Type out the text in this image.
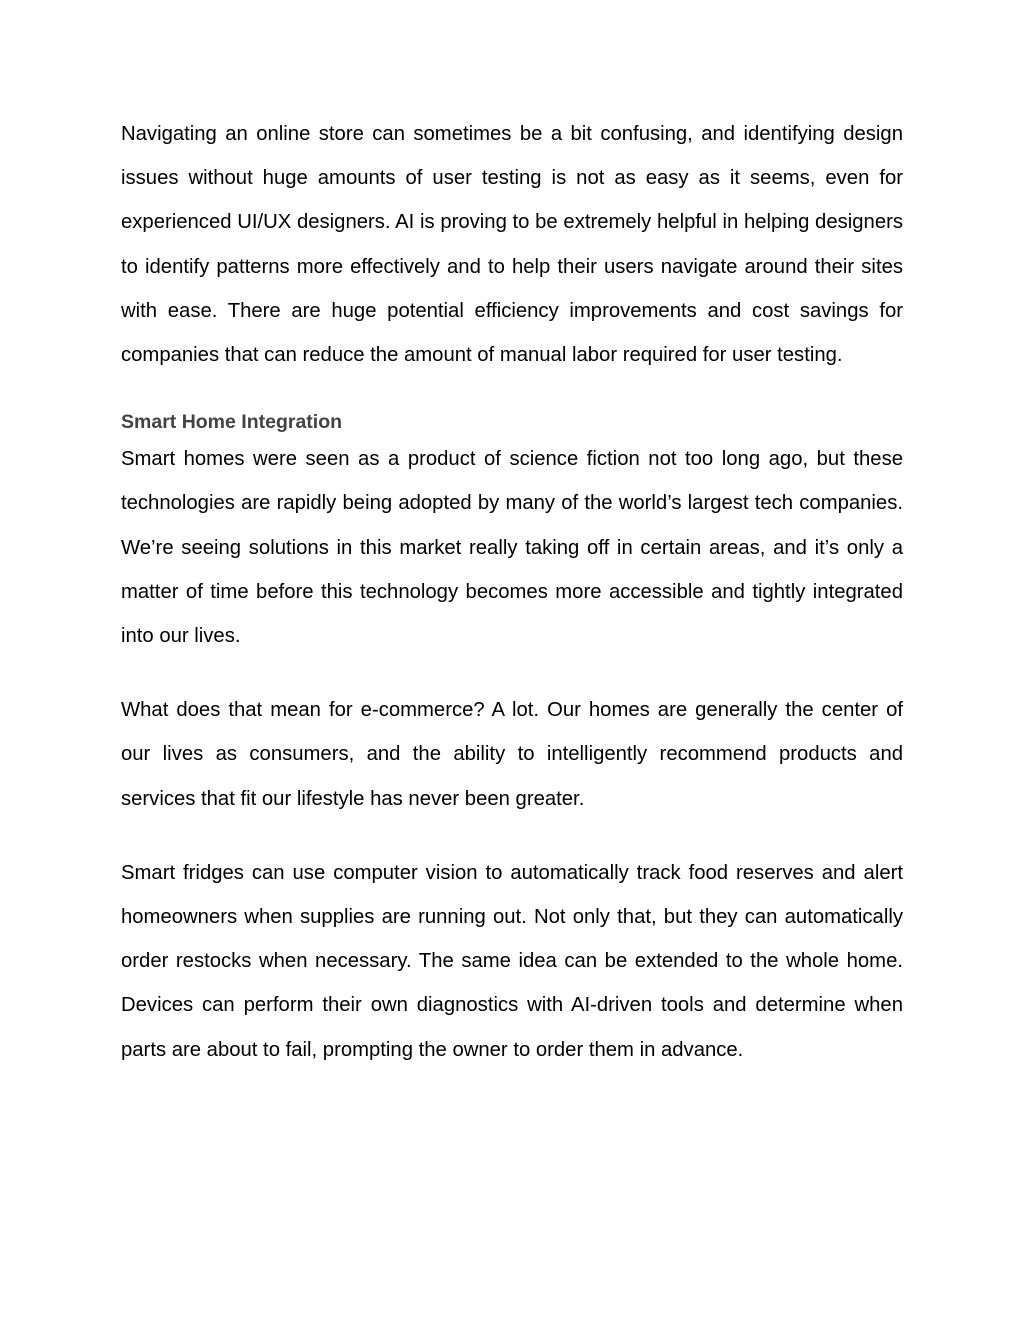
Navigating an online store can sometimes be a bit confusing, and identifying design issues without huge amounts of user testing is not as easy as it seems, even for experienced UI/UX designers. AI is proving to be extremely helpful in helping designers to identify patterns more effectively and to help their users navigate around their sites with ease. There are huge potential efficiency improvements and cost savings for companies that can reduce the amount of manual labor required for user testing.

Smart Home Integration

Smart homes were seen as a product of science fiction not too long ago, but these technologies are rapidly being adopted by many of the world’s largest tech companies. We’re seeing solutions in this market really taking off in certain areas, and it’s only a matter of time before this technology becomes more accessible and tightly integrated into our lives.

What does that mean for e-commerce? A lot. Our homes are generally the center of our lives as consumers, and the ability to intelligently recommend products and services that fit our lifestyle has never been greater.

Smart fridges can use computer vision to automatically track food reserves and alert homeowners when supplies are running out. Not only that, but they can automatically order restocks when necessary. The same idea can be extended to the whole home. Devices can perform their own diagnostics with AI-driven tools and determine when parts are about to fail, prompting the owner to order them in advance.
